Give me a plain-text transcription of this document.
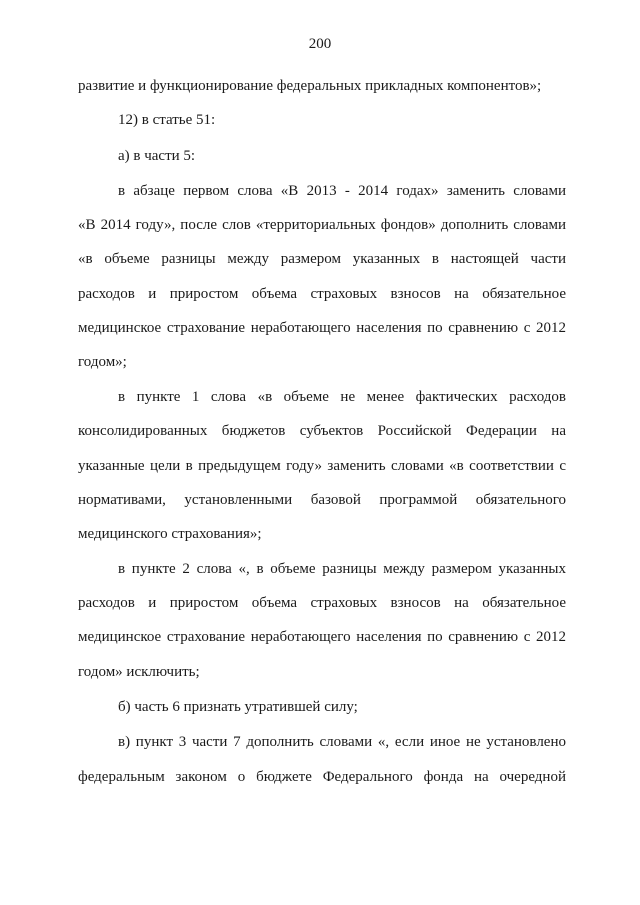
200
развитие и функционирование федеральных прикладных компонентов»;
12) в статье 51:
а) в части 5:
в абзаце первом слова «В 2013 - 2014 годах» заменить словами
«В 2014 году», после слов «территориальных фондов» дополнить словами
«в объеме разницы между размером указанных в настоящей части
расходов и приростом объема страховых взносов на обязательное
медицинское страхование неработающего населения по сравнению с 2012
годом»;
в пункте 1 слова «в объеме не менее фактических расходов
консолидированных бюджетов субъектов Российской Федерации на
указанные цели в предыдущем году» заменить словами «в соответствии с
нормативами, установленными базовой программой обязательного
медицинского страхования»;
в пункте 2 слова «, в объеме разницы между размером указанных
расходов и приростом объема страховых взносов на обязательное
медицинское страхование неработающего населения по сравнению с 2012
годом» исключить;
б) часть 6 признать утратившей силу;
в) пункт 3 части 7 дополнить словами «, если иное не установлено
федеральным законом о бюджете Федерального фонда на очередной
